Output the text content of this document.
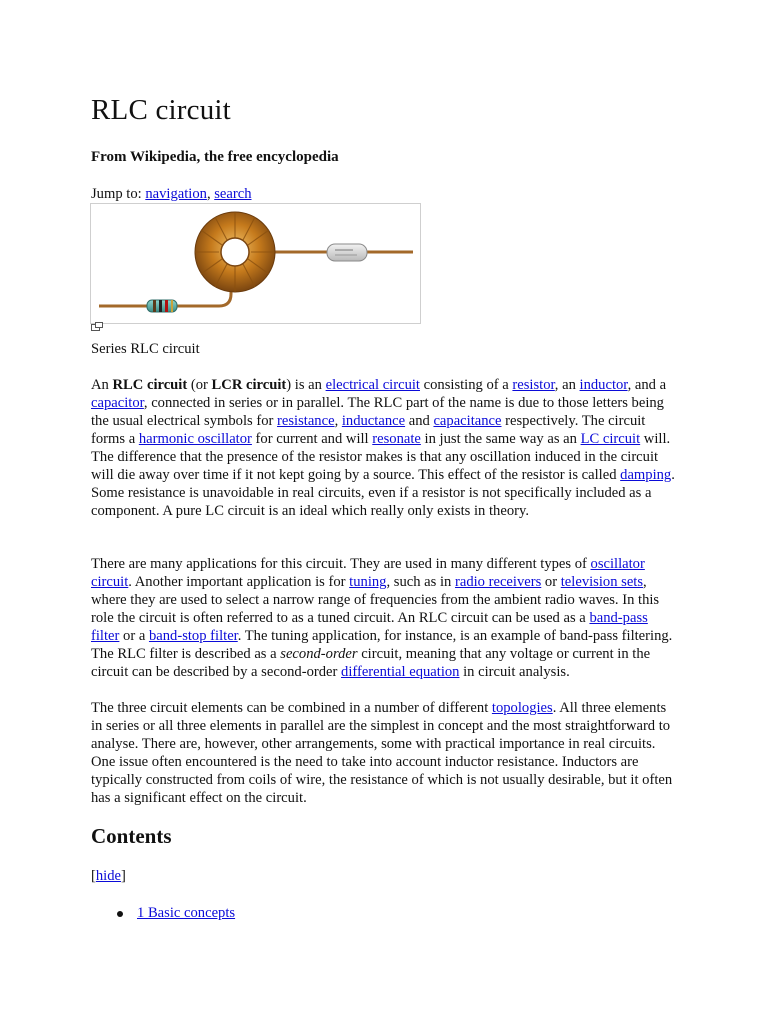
RLC circuit

From Wikipedia, the free encyclopedia

Jump to: navigation, search

Series RLC circuit

An RLC circuit (or LCR circuit) is an electrical circuit consisting of a resistor, an inductor, and a capacitor, connected in series or in parallel. The RLC part of the name is due to those letters being the usual electrical symbols for resistance, inductance and capacitance respectively. The circuit forms a harmonic oscillator for current and will resonate in just the same way as an LC circuit will. The difference that the presence of the resistor makes is that any oscillation induced in the circuit will die away over time if it not kept going by a source. This effect of the resistor is called damping. Some resistance is unavoidable in real circuits, even if a resistor is not specifically included as a component. A pure LC circuit is an ideal which really only exists in theory.

There are many applications for this circuit. They are used in many different types of oscillator circuit. Another important application is for tuning, such as in radio receivers or television sets, where they are used to select a narrow range of frequencies from the ambient radio waves. In this role the circuit is often referred to as a tuned circuit. An RLC circuit can be used as a band-pass filter or a band-stop filter. The tuning application, for instance, is an example of band-pass filtering. The RLC filter is described as a second-order circuit, meaning that any voltage or current in the circuit can be described by a second-order differential equation in circuit analysis.

The three circuit elements can be combined in a number of different topologies. All three elements in series or all three elements in parallel are the simplest in concept and the most straightforward to analyse. There are, however, other arrangements, some with practical importance in real circuits. One issue often encountered is the need to take into account inductor resistance. Inductors are typically constructed from coils of wire, the resistance of which is not usually desirable, but it often has a significant effect on the circuit.

Contents

[hide]

1 Basic concepts
